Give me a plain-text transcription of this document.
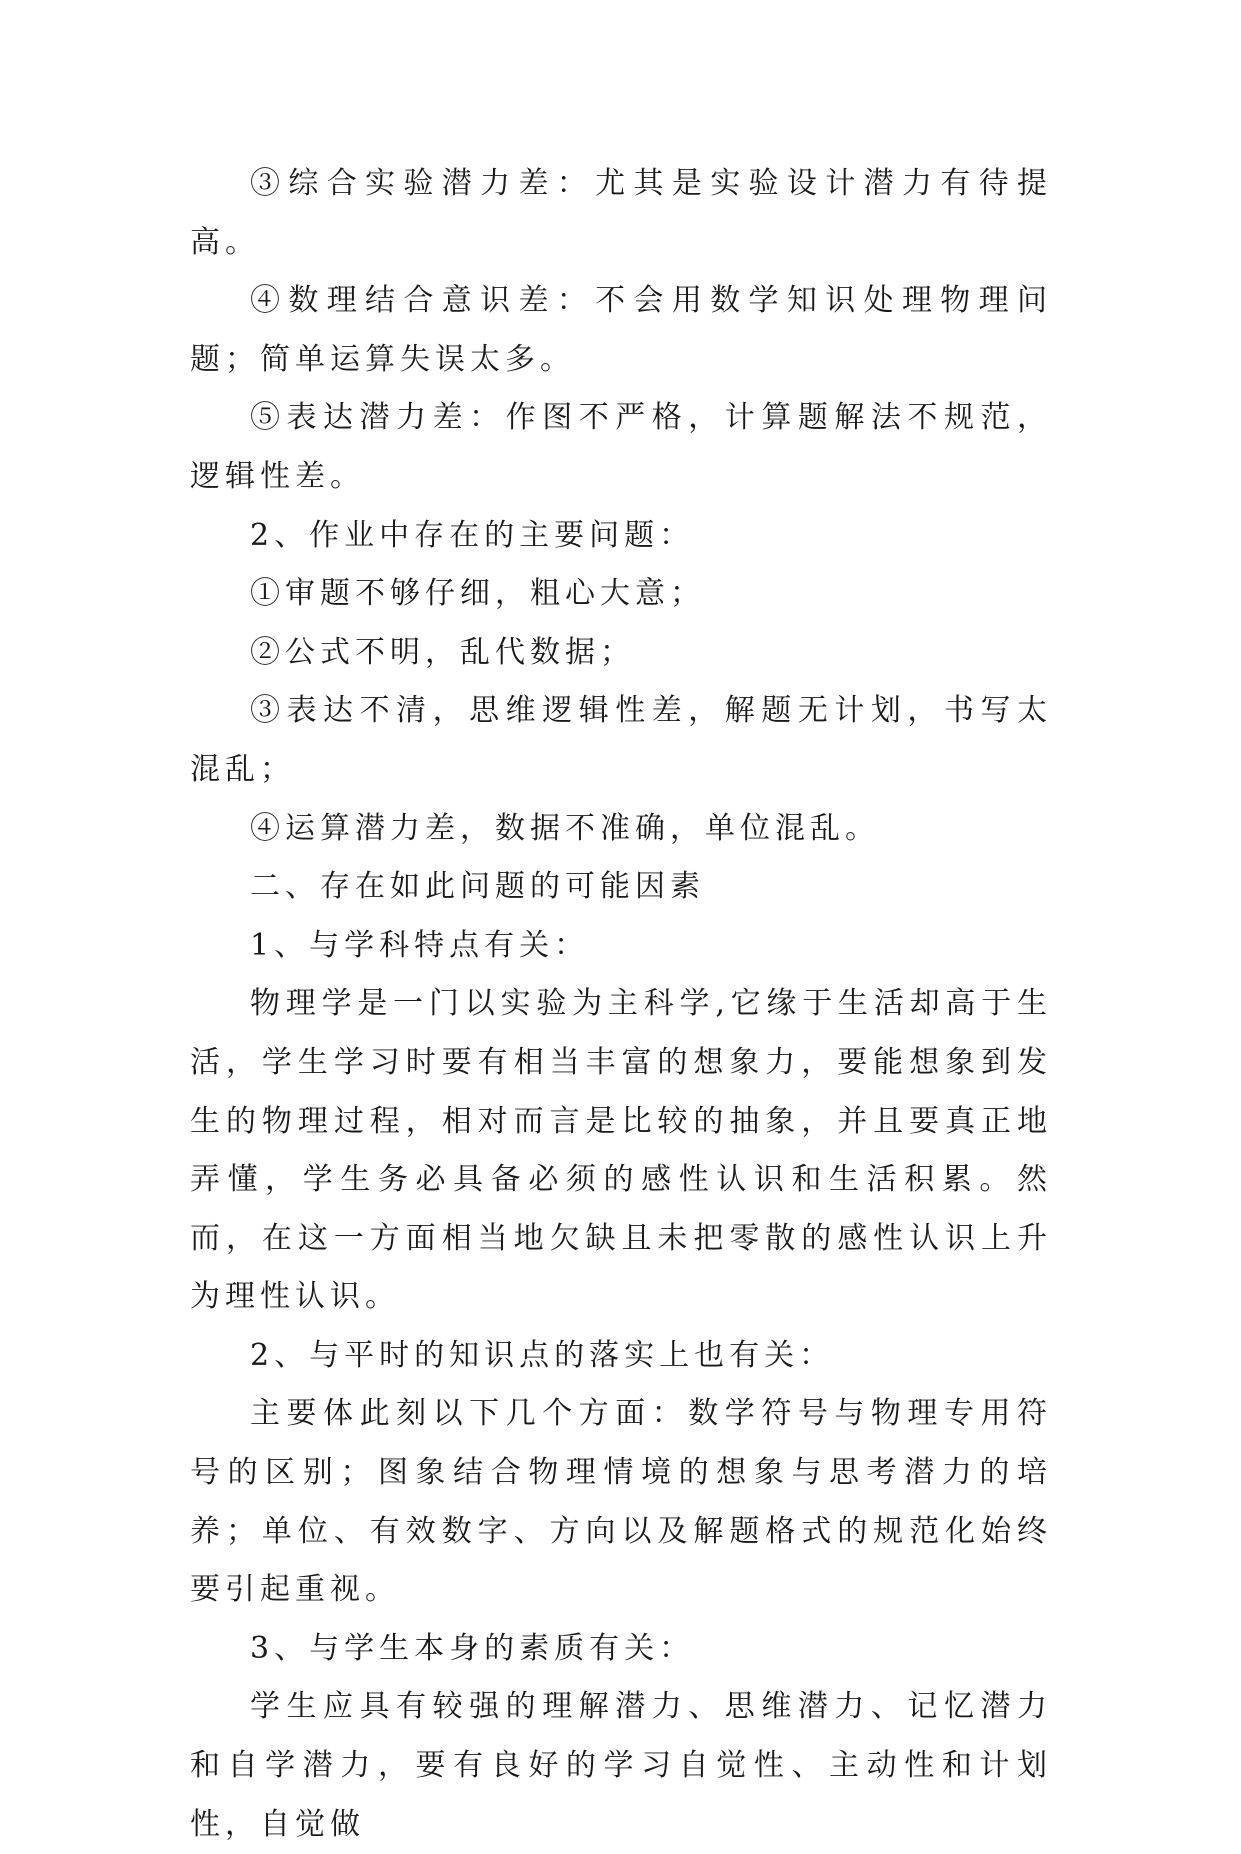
③综合实验潜力差：尤其是实验设计潜力有待提高。

④数理结合意识差：不会用数学知识处理物理问题；简单运算失误太多。

⑤表达潜力差：作图不严格，计算题解法不规范，逻辑性差。

2、作业中存在的主要问题：

①审题不够仔细，粗心大意；

②公式不明，乱代数据；

③表达不清，思维逻辑性差，解题无计划，书写太混乱；

④运算潜力差，数据不准确，单位混乱。

二、存在如此问题的可能因素

1、与学科特点有关：

物理学是一门以实验为主科学,它缘于生活却高于生活，学生学习时要有相当丰富的想象力，要能想象到发生的物理过程，相对而言是比较的抽象，并且要真正地弄懂，学生务必具备必须的感性认识和生活积累。然而，在这一方面相当地欠缺且未把零散的感性认识上升为理性认识。

2、与平时的知识点的落实上也有关：

主要体此刻以下几个方面：数学符号与物理专用符号的区别；图象结合物理情境的想象与思考潜力的培养；单位、有效数字、方向以及解题格式的规范化始终要引起重视。

3、与学生本身的素质有关：

学生应具有较强的理解潜力、思维潜力、记忆潜力和自学潜力，要有良好的学习自觉性、主动性和计划性，自觉做
